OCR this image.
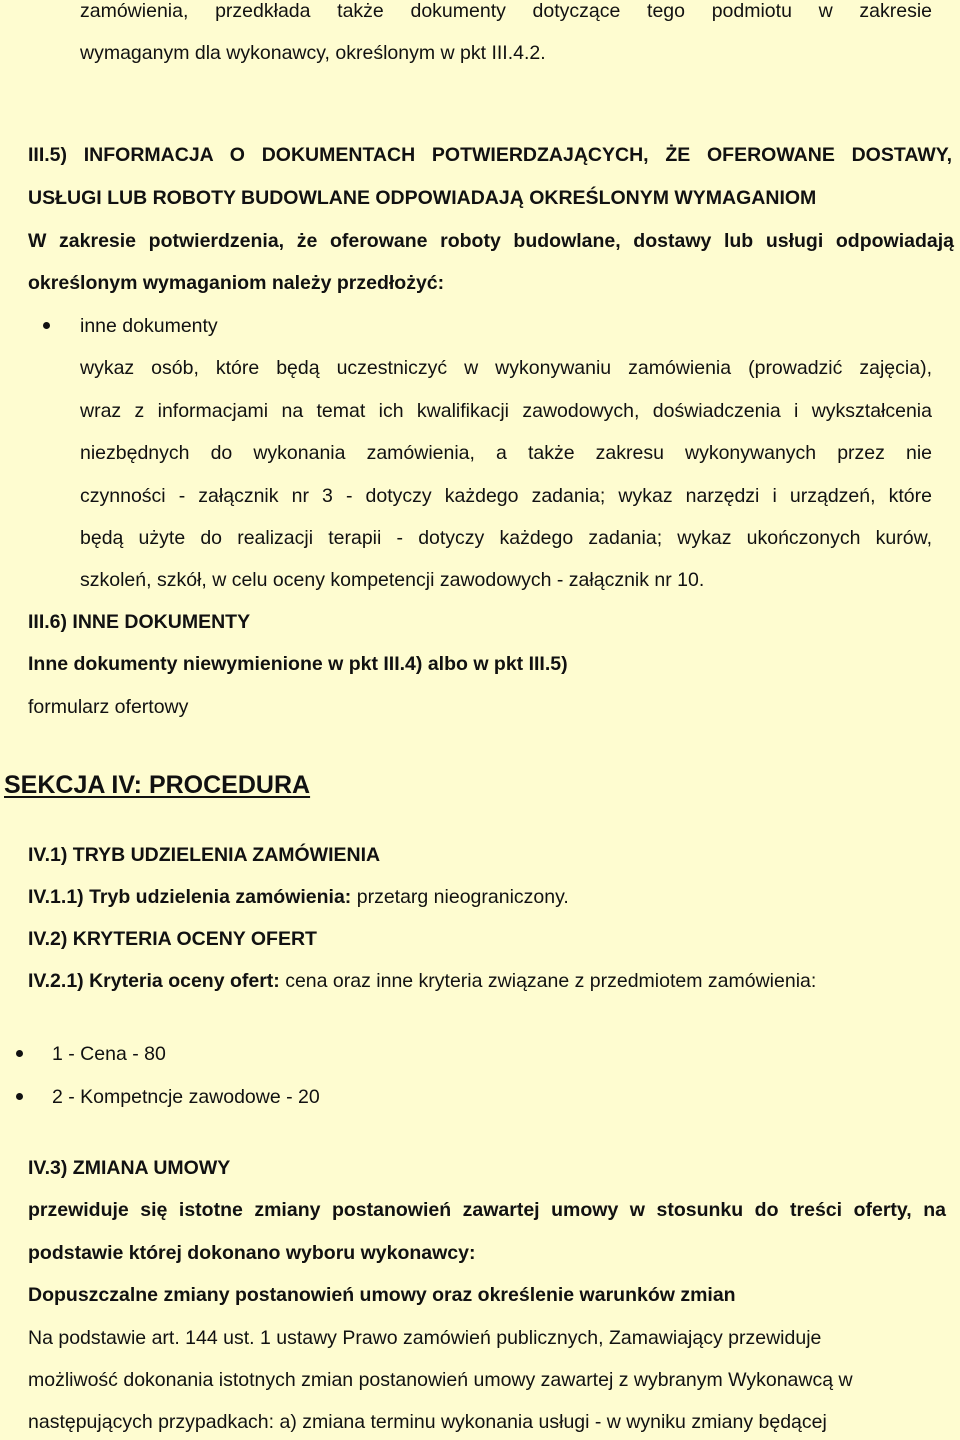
zamówienia, przedkłada także dokumenty dotyczące tego podmiotu w zakresie
wymaganym dla wykonawcy, określonym w pkt III.4.2.
III.5) INFORMACJA O DOKUMENTACH POTWIERDZAJĄCYCH, ŻE OFEROWANE DOSTAWY,
USŁUGI LUB ROBOTY BUDOWLANE ODPOWIADAJĄ OKREŚLONYM WYMAGANIOM
W zakresie potwierdzenia, że oferowane roboty budowlane, dostawy lub usługi odpowiadają
określonym wymaganiom należy przedłożyć:
inne dokumenty
wykaz osób, które będą uczestniczyć w wykonywaniu zamówienia (prowadzić zajęcia),
wraz z informacjami na temat ich kwalifikacji zawodowych, doświadczenia i wykształcenia
niezbędnych do wykonania zamówienia, a także zakresu wykonywanych przez nie
czynności - załącznik nr 3 - dotyczy każdego zadania; wykaz narzędzi i urządzeń, które
będą użyte do realizacji terapii - dotyczy każdego zadania; wykaz ukończonych kurów,
szkoleń, szkół, w celu oceny kompetencji zawodowych - załącznik nr 10.
III.6) INNE DOKUMENTY
Inne dokumenty niewymienione w pkt III.4) albo w pkt III.5)
formularz ofertowy
SEKCJA IV: PROCEDURA
IV.1) TRYB UDZIELENIA ZAMÓWIENIA
IV.1.1) Tryb udzielenia zamówienia: przetarg nieograniczony.
IV.2) KRYTERIA OCENY OFERT
IV.2.1) Kryteria oceny ofert: cena oraz inne kryteria związane z przedmiotem zamówienia:
1 - Cena - 80
2 - Kompetncje zawodowe - 20
IV.3) ZMIANA UMOWY
przewiduje się istotne zmiany postanowień zawartej umowy w stosunku do treści oferty, na
podstawie której dokonano wyboru wykonawcy:
Dopuszczalne zmiany postanowień umowy oraz określenie warunków zmian
Na podstawie art. 144 ust. 1 ustawy Prawo zamówień publicznych, Zamawiający przewiduje
możliwość dokonania istotnych zmian postanowień umowy zawartej z wybranym Wykonawcą w
następujących przypadkach: a) zmiana terminu wykonania usługi - w wyniku zmiany będącej
